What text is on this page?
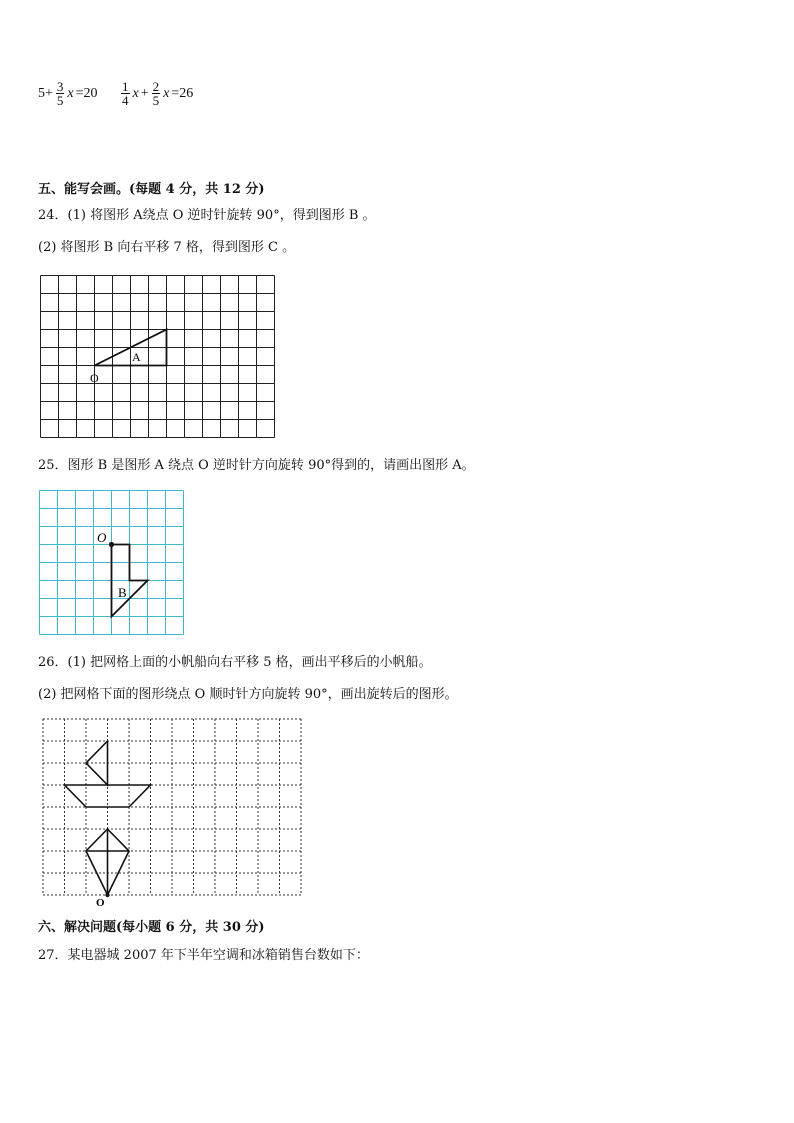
$5+ \frac{3}{5}$ $x =20 \frac{1}{4}$ $x + \frac{2}{5}$ x =26
五、能写会画。(每题 4 分，共 12 分)
24．(1) 将图形 A绕点 O 逆时针旋转 90°，得到图形 B 。
(2) 将图形 B 向右平移 7 格，得到图形 C 。
A
O
25．图形 B 是图形 A 绕点 O 逆时针方向旋转 90°得到的，请画出图形 A。
O
B
26．(1) 把网格上面的小帆船向右平移 5 格，画出平移后的小帆船。
(2) 把网格下面的图形绕点 O 顺时针方向旋转 90°，画出旋转后的图形。
O
六、解决问题(每小题 6 分，共 30 分)
27．某电器城 2007 年下半年空调和冰箱销售台数如下：
